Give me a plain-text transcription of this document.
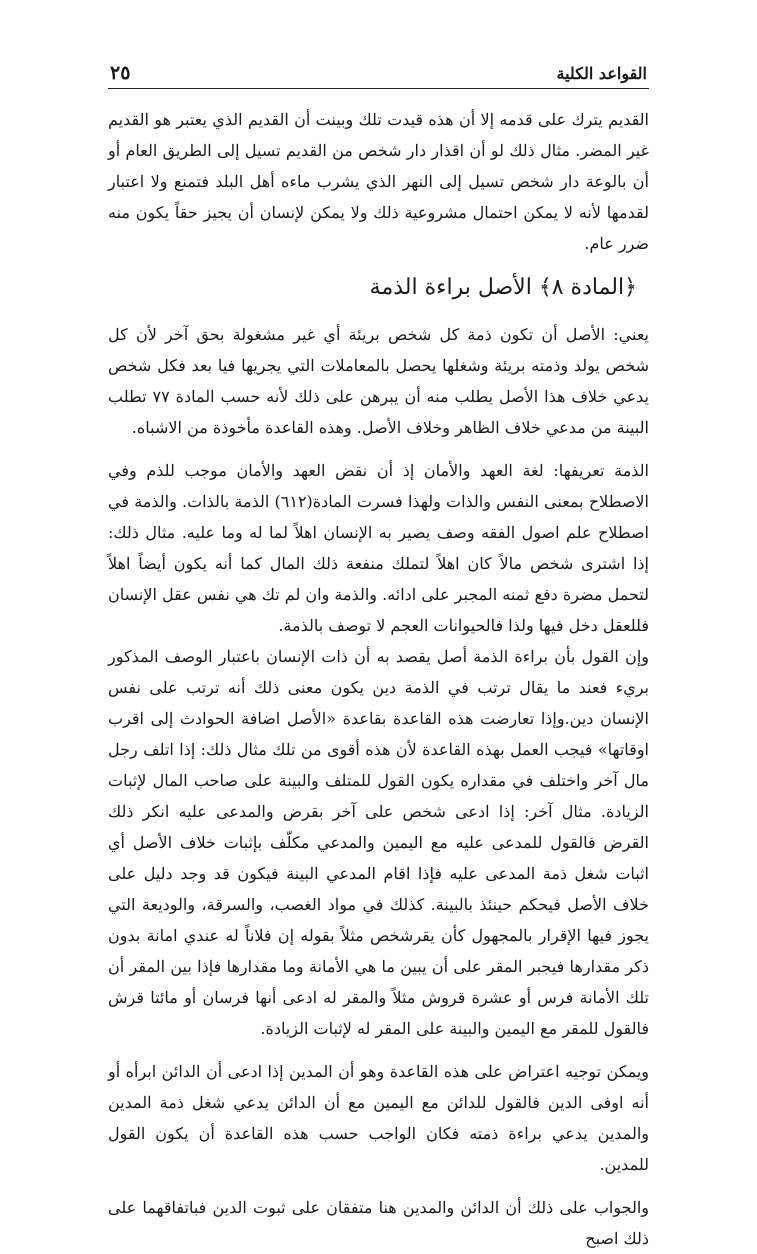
٢٥	القواعد الكلية

القديم يترك على قدمه إلا أن هذه قيدت تلك وبينت أن القديم الذي يعتبر هو القديم غير المضر. مثال ذلك لو أن اقذار دار شخص من القديم تسيل إلى الطريق العام أو أن بالوعة دار شخص تسيل إلى النهر الذي يشرب ماءه أهل البلد فتمنع ولا اعتبار لقدمها لأنه لا يمكن احتمال مشروعية ذلك ولا يمكن لإنسان أن يجيز حقاً يكون منه ضرر عام.

﴿المادة ٨﴾ الأصل براءة الذمة

يعني: الأصل أن تكون ذمة كل شخص بريئة أي غير مشغولة بحق آخر لأن كل شخص يولد وذمته بريئة وشغلها يحصل بالمعاملات التي يجريها فيا بعد فكل شخص يدعي خلاف هذا الأصل يطلب منه أن يبرهن على ذلك لأنه حسب المادة ٧٧ تطلب البينة من مدعي خلاف الظاهر وخلاف الأصل. وهذه القاعدة مأخوذة من الاشباه.

الذمة تعريفها: لغة العهد والأمان إذ أن نقض العهد والأمان موجب للذم وفي الاصطلاح بمعنى النفس والذات ولهذا فسرت المادة(٦١٢) الذمة بالذات. والذمة في اصطلاح علم اصول الفقه وصف يصير به الإنسان اهلاً لما له وما عليه. مثال ذلك: إذا اشترى شخص مالاً كان اهلاً لتملك منفعة ذلك المال كما أنه يكون أيضاً اهلاً لتحمل مضرة دفع ثمنه المجبر على ادائه. والذمة وان لم تك هي نفس عقل الإنسان فللعقل دخل فيها ولذا فالحيوانات العجم لا توصف بالذمة.

وإن القول بأن براءة الذمة أصل يقصد به أن ذات الإنسان باعتبار الوصف المذكور بريء فعند ما يقال ترتب في الذمة دين يكون معنى ذلك أنه ترتب على نفس الإنسان دين.وإذا تعارضت هذه القاعدة بقاعدة «الأصل اضافة الحوادث إلى اقرب اوقاتها» فيجب العمل بهذه القاعدة لأن هذه أقوى من تلك مثال ذلك: إذا اتلف رجل مال آخر واختلف في مقداره يكون القول للمتلف والبينة على صاحب المال لإثبات الزيادة. مثال آخر: إذا ادعى شخص على آخر بقرض والمدعى عليه انكر ذلك القرض فالقول للمدعى عليه مع اليمين والمدعي مكلّف بإثبات خلاف الأصل أي اثبات شغل ذمة المدعى عليه فإذا اقام المدعي البينة فيكون قد وجد دليل على خلاف الأصل فيحكم حينئذ بالبينة. كذلك في مواد الغصب، والسرقة، والوديعة التي يجوز فيها الإقرار بالمجهول كأن يقرشخص مثلاً بقوله إن فلاناً له عندي امانة بدون ذكر مقدارها فيجبر المقر على أن يبين ما هي الأمانة وما مقدارها فإذا بين المقر أن تلك الأمانة فرس أو عشرة قروش مثلاً والمقر له ادعى أنها فرسان أو مائتا قرش فالقول للمقر مع اليمين والبينة على المقر له لإثبات الزيادة.

ويمكن توجيه اعتراض على هذه القاعدة وهو أن المدين إذا ادعى أن الدائن ابرأه أو أنه اوفى الدين فالقول للدائن مع اليمين مع أن الدائن يدعي شغل ذمة المدين والمدين يدعي براءة ذمته فكان الواجب حسب هذه القاعدة أن يكون القول للمدين.

والجواب على ذلك أن الدائن والمدين هنا متفقان على ثبوت الدين فباتفاقهما على ذلك اصبح
